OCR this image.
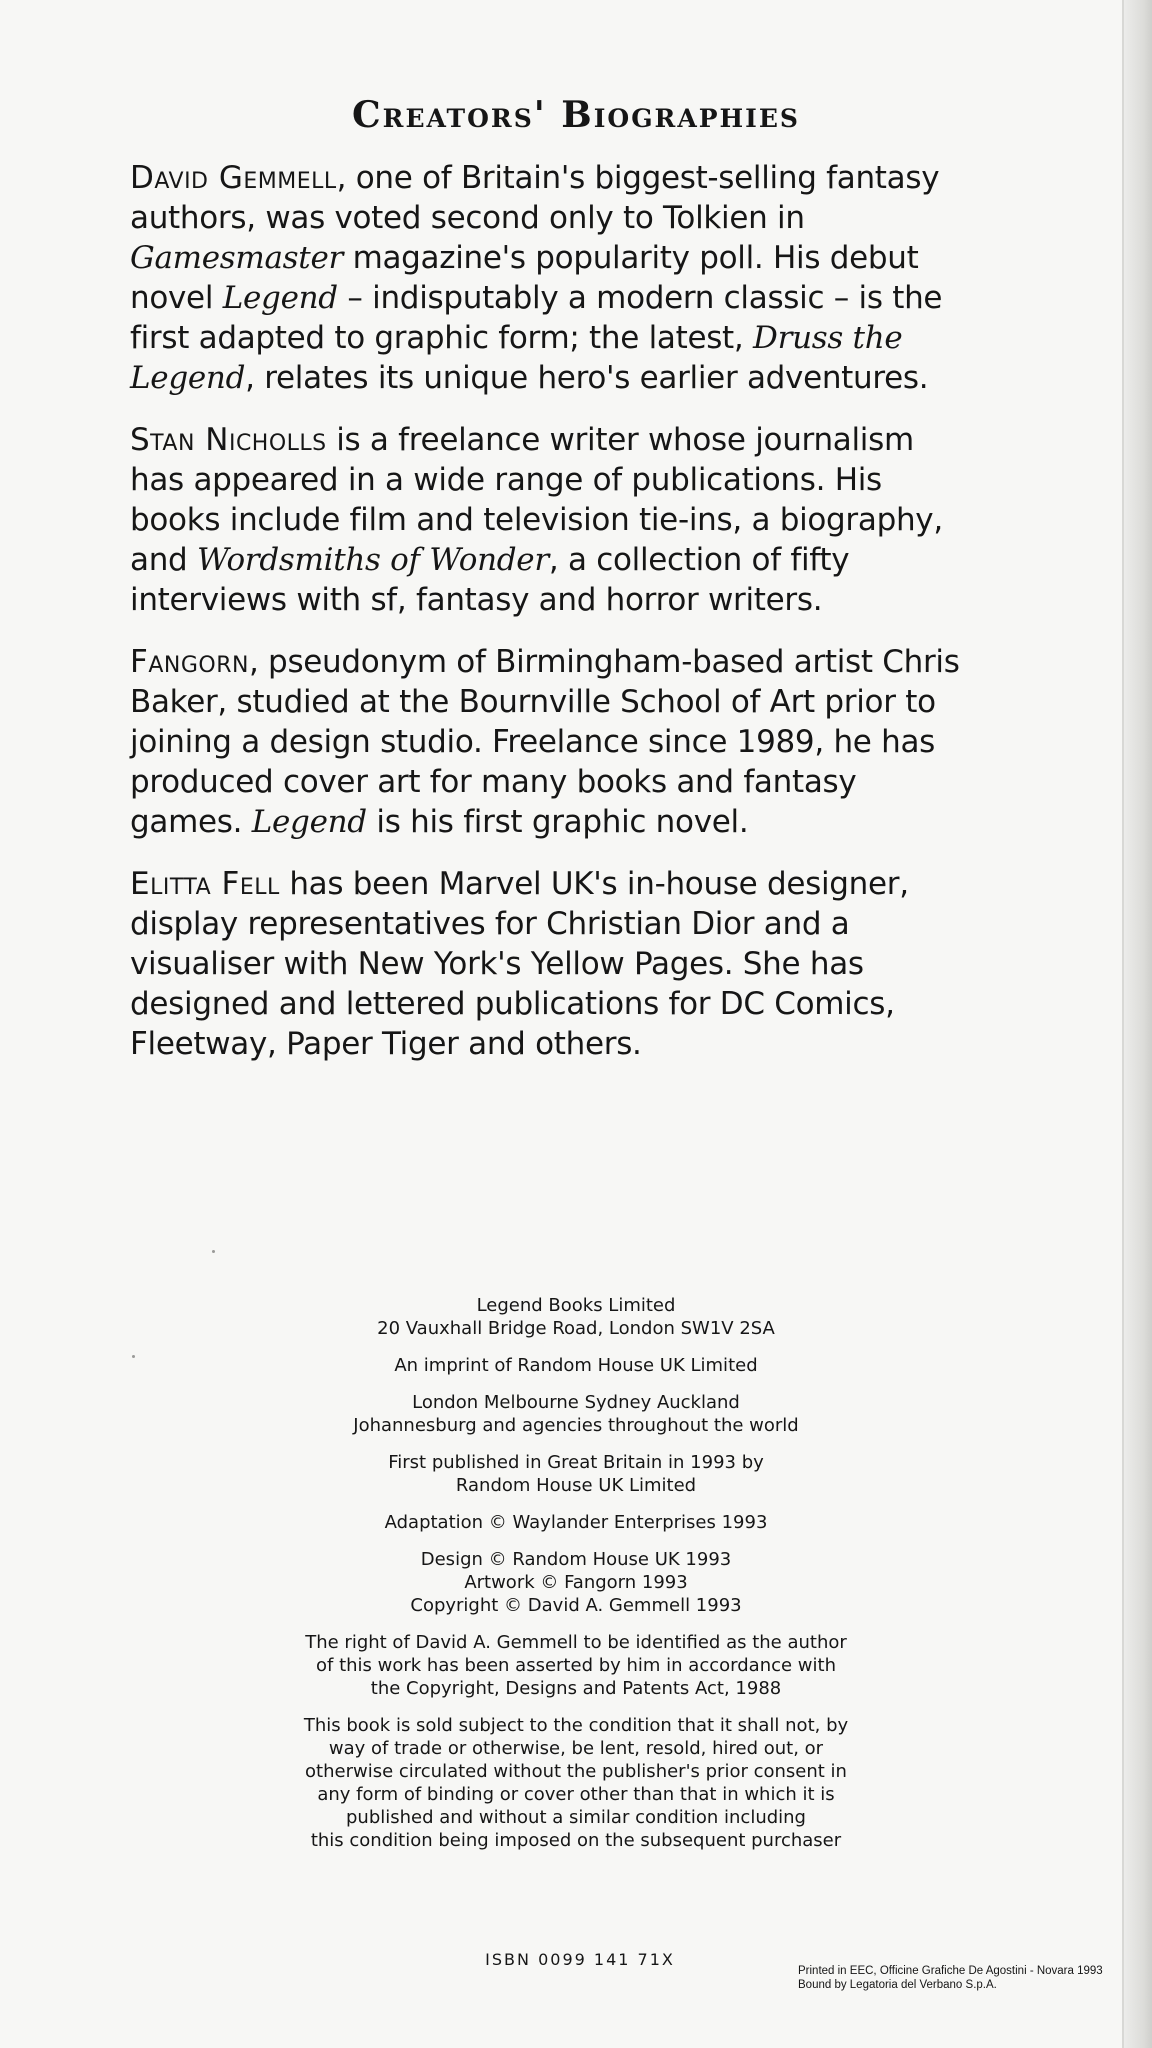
Creators' Biographies

David Gemmell, one of Britain's biggest-selling fantasy authors, was voted second only to Tolkien in Gamesmaster magazine's popularity poll. His debut novel Legend – indisputably a modern classic – is the first adapted to graphic form; the latest, Druss the Legend, relates its unique hero's earlier adventures.

Stan Nicholls is a freelance writer whose journalism has appeared in a wide range of publications. His books include film and television tie-ins, a biography, and Wordsmiths of Wonder, a collection of fifty interviews with sf, fantasy and horror writers.

Fangorn, pseudonym of Birmingham-based artist Chris Baker, studied at the Bournville School of Art prior to joining a design studio. Freelance since 1989, he has produced cover art for many books and fantasy games. Legend is his first graphic novel.

Elitta Fell has been Marvel UK's in-house designer, display representatives for Christian Dior and a visualiser with New York's Yellow Pages. She has designed and lettered publications for DC Comics, Fleetway, Paper Tiger and others.

Legend Books Limited
20 Vauxhall Bridge Road, London SW1V 2SA

An imprint of Random House UK Limited

London Melbourne Sydney Auckland
Johannesburg and agencies throughout the world

First published in Great Britain in 1993 by
Random House UK Limited

Adaptation © Waylander Enterprises 1993

Design © Random House UK 1993
Artwork © Fangorn 1993
Copyright © David A. Gemmell 1993

The right of David A. Gemmell to be identified as the author
of this work has been asserted by him in accordance with
the Copyright, Designs and Patents Act, 1988

This book is sold subject to the condition that it shall not, by
way of trade or otherwise, be lent, resold, hired out, or
otherwise circulated without the publisher's prior consent in
any form of binding or cover other than that in which it is
published and without a similar condition including
this condition being imposed on the subsequent purchaser

ISBN 0099 141 71X
Printed in EEC, Officine Grafiche De Agostini - Novara 1993
Bound by Legatoria del Verbano S.p.A.
